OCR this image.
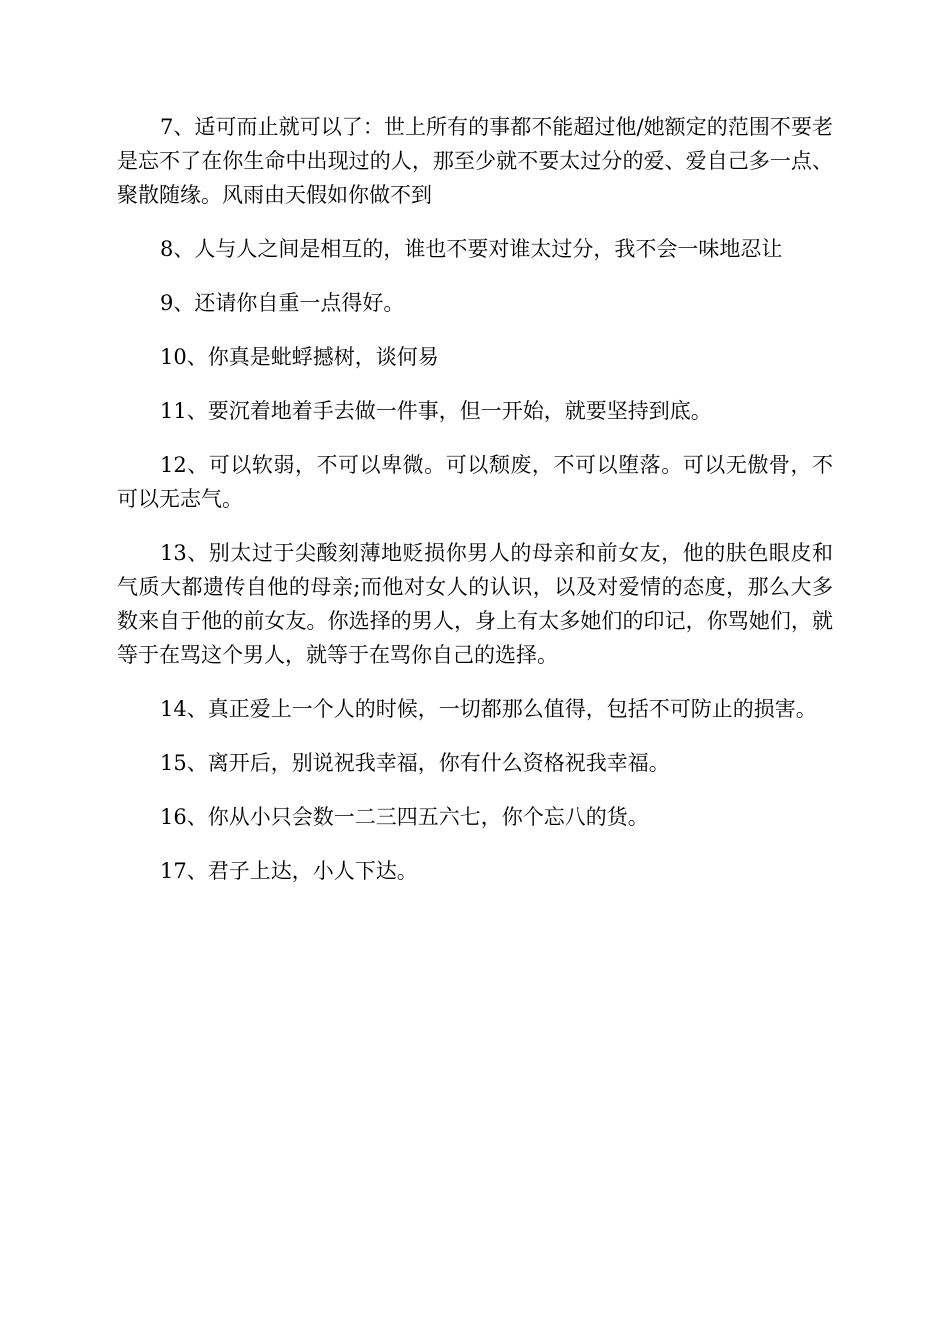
7、适可而止就可以了：世上所有的事都不能超过他/她额定的范围不要老是忘不了在你生命中出现过的人，那至少就不要太过分的爱、爱自己多一点、聚散随缘。风雨由天假如你做不到

8、人与人之间是相互的，谁也不要对谁太过分，我不会一味地忍让

9、还请你自重一点得好。

10、你真是蚍蜉撼树，谈何易

11、要沉着地着手去做一件事，但一开始，就要坚持到底。

12、可以软弱，不可以卑微。可以颓废，不可以堕落。可以无傲骨，不可以无志气。

13、别太过于尖酸刻薄地贬损你男人的母亲和前女友，他的肤色眼皮和气质大都遗传自他的母亲;而他对女人的认识，以及对爱情的态度，那么大多数来自于他的前女友。你选择的男人，身上有太多她们的印记，你骂她们，就等于在骂这个男人，就等于在骂你自己的选择。

14、真正爱上一个人的时候，一切都那么值得，包括不可防止的损害。

15、离开后，别说祝我幸福，你有什么资格祝我幸福。

16、你从小只会数一二三四五六七，你个忘八的货。

17、君子上达，小人下达。
